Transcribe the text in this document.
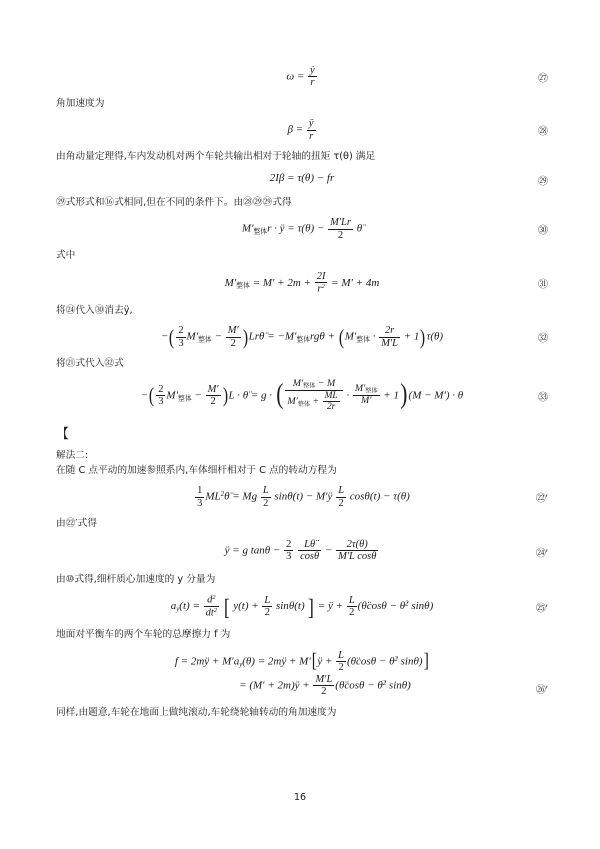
$\omega = \frac{\text{ẏ}}{r}$	㉗

角加速度为

$\beta = \frac{ÿ}{r}$	㉘

由角动量定理得,车内发动机对两个车轮共输出相对于轮轴的扭矩 τ(θ) 满足

2Iβ = τ(θ) − fr	㉙

㉙式形式和⑯式相同,但在不同的条件下。由㉘㉙㉙式得

M′整体r · ÿ = $\tau(\theta) - \frac{M'Lr}{2}$ θ̈	㉚

式中

M′整体 = $M' + 2m + \frac{2I}{r^2} = M' + 4m$	㉛

将㉔代入㉚消去ÿ,

−( $\frac{2}{3} M'$整体 − $\frac{M'}{2}$ )Lrθ̈ = −M′整体rgθ + (M′整体 · $\frac{2r}{M'L} + 1)\tau(\theta)$	㉜

将㉑式代入㉜式

−( $\frac{2}{3} M'$整体 − $\frac{M'}{2} )L$ · θ̈ = g · ( $\frac{\text{M′整体 − M}}{M'整体 + \frac{ML}{2r}} \cdot \frac{\text{M′整体}}{M'} + 1)(M - M') \cdot \theta$	㉝

【

解法二:

在随 C 点平动的加速参照系内,车体细杆相对于 C 点的转动方程为

$\frac{1}{3}$ $ML^2\thetä = Mg \frac{L}{2} \sin\theta(t)$ − M′ÿ $\frac{L}{2} \cos\theta(t) - \tau(\theta)$	㉒′

由㉒′式得

ÿ = g $\tan\theta - \frac{2}{3}$
$\frac{L\thetä}{\cos\theta} - \frac{2\tau(\theta)}{\text{M′L cosθ}}$	㉔′

由⑩式得,细杆质心加速度的 y 分量为

$a_y(t) = \frac{d^2}{dt^2}$ [ $y(t) + \frac{L}{2} \sin\theta(t)$ ] = ÿ + $\frac{L}{2}$ (θ̈cosθ − θ̇$^2$ sinθ)	㉕′

地面对平衡车的两个车轮的总摩擦力 f 为

f = 2mÿ + $M'a_y(\theta)$ = 2mÿ + M′[ÿ + $\frac{L}{2}$ (θ̈cosθ − θ̇$^2$ sinθ)]
= (M′ + 2m)ÿ + $\frac{M'L}{2}$ (θ̈cosθ − θ̇$^2$ sinθ)	㉖′

同样,由题意,车轮在地面上做纯滚动,车轮绕轮轴转动的角加速度为

16
